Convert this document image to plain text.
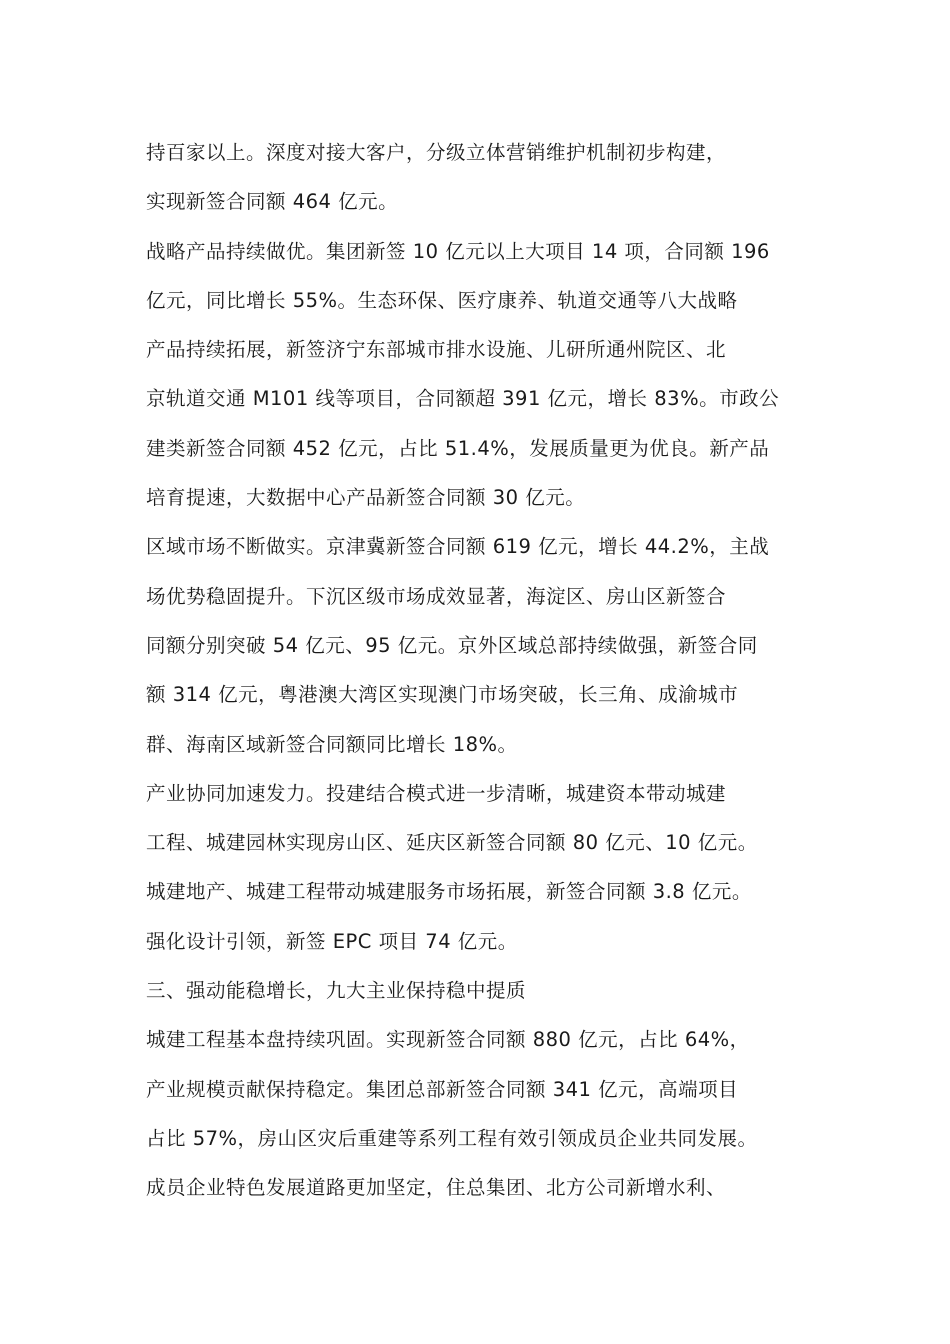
持百家以上。深度对接大客户，分级立体营销维护机制初步构建，
实现新签合同额 464 亿元。
战略产品持续做优。集团新签 10 亿元以上大项目 14 项，合同额 196
亿元，同比增长 55%。生态环保、医疗康养、轨道交通等八大战略
产品持续拓展，新签济宁东部城市排水设施、儿研所通州院区、北
京轨道交通 M101 线等项目，合同额超 391 亿元，增长 83%。市政公
建类新签合同额 452 亿元，占比 51.4%，发展质量更为优良。新产品
培育提速，大数据中心产品新签合同额 30 亿元。
区域市场不断做实。京津冀新签合同额 619 亿元，增长 44.2%，主战
场优势稳固提升。下沉区级市场成效显著，海淀区、房山区新签合
同额分别突破 54 亿元、95 亿元。京外区域总部持续做强，新签合同
额 314 亿元，粤港澳大湾区实现澳门市场突破，长三角、成渝城市
群、海南区域新签合同额同比增长 18%。
产业协同加速发力。投建结合模式进一步清晰，城建资本带动城建
工程、城建园林实现房山区、延庆区新签合同额 80 亿元、10 亿元。
城建地产、城建工程带动城建服务市场拓展，新签合同额 3.8 亿元。
强化设计引领，新签 EPC 项目 74 亿元。
三、强动能稳增长，九大主业保持稳中提质
城建工程基本盘持续巩固。实现新签合同额 880 亿元，占比 64%，
产业规模贡献保持稳定。集团总部新签合同额 341 亿元，高端项目
占比 57%，房山区灾后重建等系列工程有效引领成员企业共同发展。
成员企业特色发展道路更加坚定，住总集团、北方公司新增水利、
